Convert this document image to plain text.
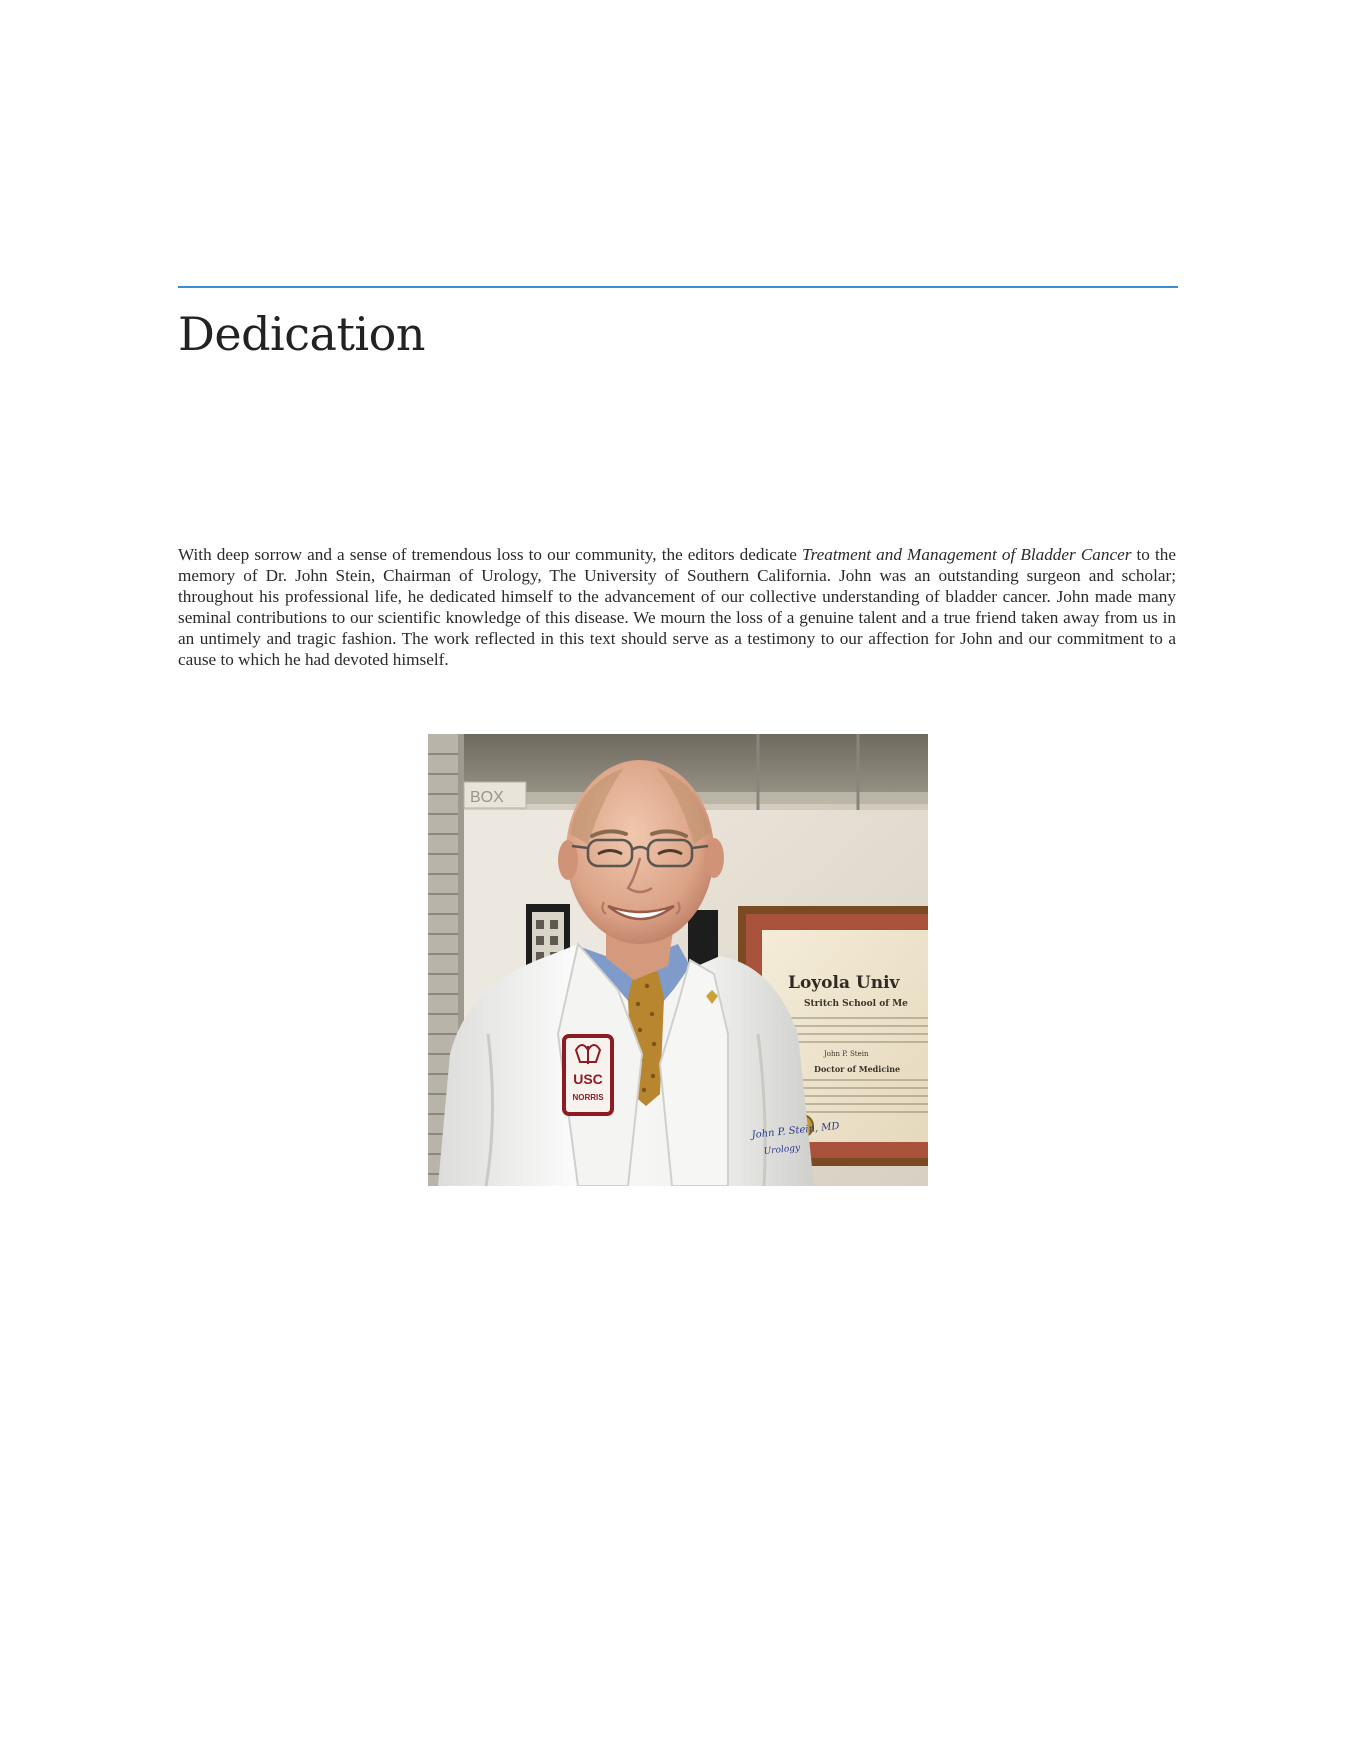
Dedication

With deep sorrow and a sense of tremendous loss to our community, the editors dedicate Treatment and Management of Bladder Cancer to the memory of Dr. John Stein, Chairman of Urology, The University of Southern California. John was an outstanding surgeon and scholar; throughout his professional life, he dedicated himself to the advancement of our collective understanding of bladder cancer. John made many seminal contributions to our scientific knowledge of this disease. We mourn the loss of a genuine talent and a true friend taken away from us in an untimely and tragic fashion. The work reflected in this text should serve as a testimony to our affection for John and our commitment to a cause to which he had devoted himself.

BOX
Loyola Univ
Stritch School of Me
John P. Stein
Doctor of Medicine
USC
NORRIS
John P. Stein, MD
Urology
